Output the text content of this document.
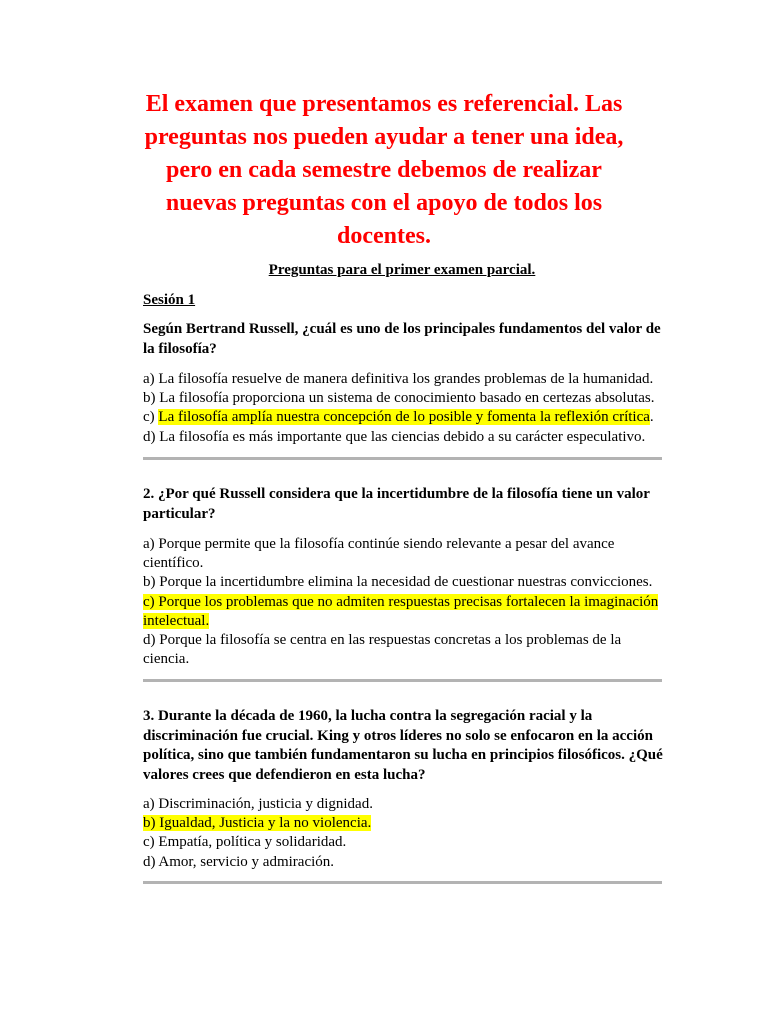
El examen que presentamos es referencial. Las preguntas nos pueden ayudar a tener una idea, pero en cada semestre debemos de realizar nuevas preguntas con el apoyo de todos los docentes.

Preguntas para el primer examen parcial.

Sesión 1

Según Bertrand Russell, ¿cuál es uno de los principales fundamentos del valor de la filosofía?

a) La filosofía resuelve de manera definitiva los grandes problemas de la humanidad.

b) La filosofía proporciona un sistema de conocimiento basado en certezas absolutas.

c) La filosofía amplía nuestra concepción de lo posible y fomenta la reflexión crítica.

d) La filosofía es más importante que las ciencias debido a su carácter especulativo.

2. ¿Por qué Russell considera que la incertidumbre de la filosofía tiene un valor particular?

a) Porque permite que la filosofía continúe siendo relevante a pesar del avance científico.

b) Porque la incertidumbre elimina la necesidad de cuestionar nuestras convicciones.

c) Porque los problemas que no admiten respuestas precisas fortalecen la imaginación intelectual.

d) Porque la filosofía se centra en las respuestas concretas a los problemas de la ciencia.

3. Durante la década de 1960, la lucha contra la segregación racial y la discriminación fue crucial. King y otros líderes no solo se enfocaron en la acción política, sino que también fundamentaron su lucha en principios filosóficos. ¿Qué valores crees que defendieron en esta lucha?

a) Discriminación, justicia y dignidad.

b) Igualdad, Justicia y la no violencia.

c) Empatía, política y solidaridad.

d) Amor, servicio y admiración.
